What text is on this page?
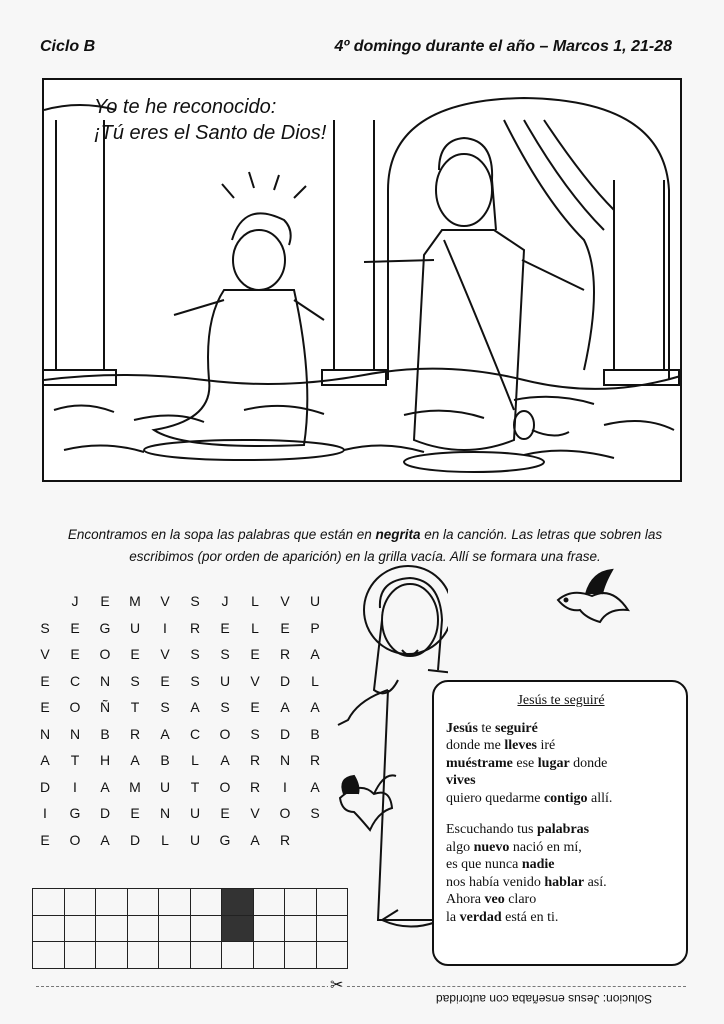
Ciclo B	4º domingo durante el año – Marcos 1, 21-28
Yo te he reconocido:
¡Tú eres el Santo de Dios!
Encontramos en la sopa las palabras que están en negrita en la canción. Las letras que sobren las escribimos (por orden de aparición) en la grilla vacía. Allí se formara una frase.
	J	E	M	V	S	J	L	V	U
S	E	G	U	I	R	E	L	E	P
V	E	O	E	V	S	S	E	R	A
E	C	N	S	E	S	U	V	D	L
E	O	Ñ	T	S	A	S	E	A	A
N	N	B	R	A	C	O	S	D	B
A	T	H	A	B	L	A	R	N	R
D	I	A	M	U	T	O	R	I	A
I	G	D	E	N	U	E	V	O	S
E	O	A	D	L	U	G	A	R	
Jesús te seguiré
Jesús te seguiré
donde me lleves iré
muéstrame ese lugar donde
vives
quiero quedarme contigo allí.
Escuchando tus palabras
algo nuevo nació en mí,
es que nunca nadie
nos había venido hablar así.
Ahora veo claro
la verdad está en ti.

✂
Solucion: Jesus enseñaba con autoridad
